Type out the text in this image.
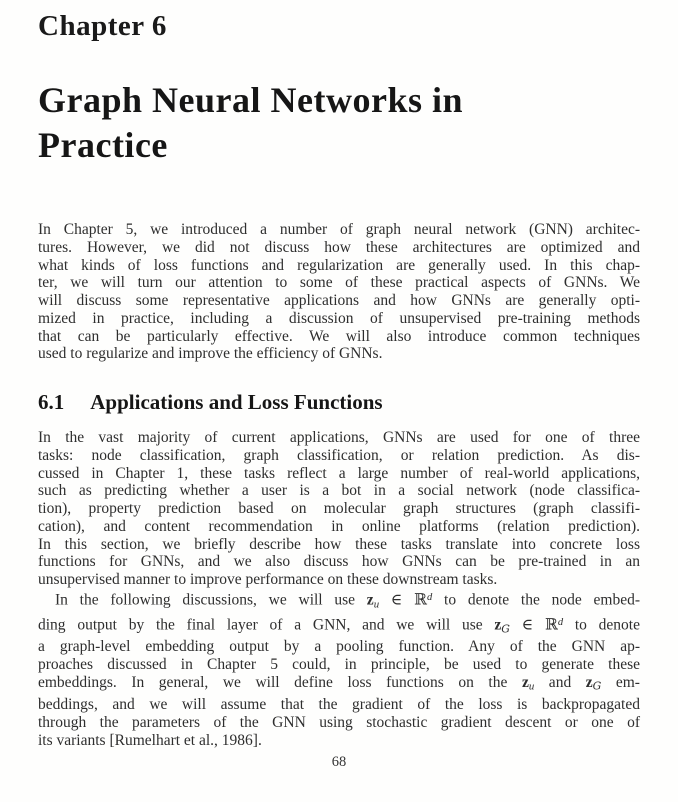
Chapter 6
Graph Neural Networks in
Practice
In Chapter 5, we introduced a number of graph neural network (GNN) architec-
tures. However, we did not discuss how these architectures are optimized and
what kinds of loss functions and regularization are generally used. In this chap-
ter, we will turn our attention to some of these practical aspects of GNNs. We
will discuss some representative applications and how GNNs are generally opti-
mized in practice, including a discussion of unsupervised pre-training methods
that can be particularly effective. We will also introduce common techniques
used to regularize and improve the efficiency of GNNs.
6.1 Applications and Loss Functions
In the vast majority of current applications, GNNs are used for one of three
tasks: node classification, graph classification, or relation prediction. As dis-
cussed in Chapter 1, these tasks reflect a large number of real-world applications,
such as predicting whether a user is a bot in a social network (node classifica-
tion), property prediction based on molecular graph structures (graph classifi-
cation), and content recommendation in online platforms (relation prediction).
In this section, we briefly describe how these tasks translate into concrete loss
functions for GNNs, and we also discuss how GNNs can be pre-trained in an
unsupervised manner to improve performance on these downstream tasks.
In the following discussions, we will use zu ∈ ℝ$^d$ to denote the node embed-
ding output by the final layer of a GNN, and we will use zG ∈ ℝ$^d$ to denote
a graph-level embedding output by a pooling function. Any of the GNN ap-
proaches discussed in Chapter 5 could, in principle, be used to generate these
embeddings. In general, we will define loss functions on the zu and zG em-
beddings, and we will assume that the gradient of the loss is backpropagated
through the parameters of the GNN using stochastic gradient descent or one of
its variants [Rumelhart et al., 1986].
68
